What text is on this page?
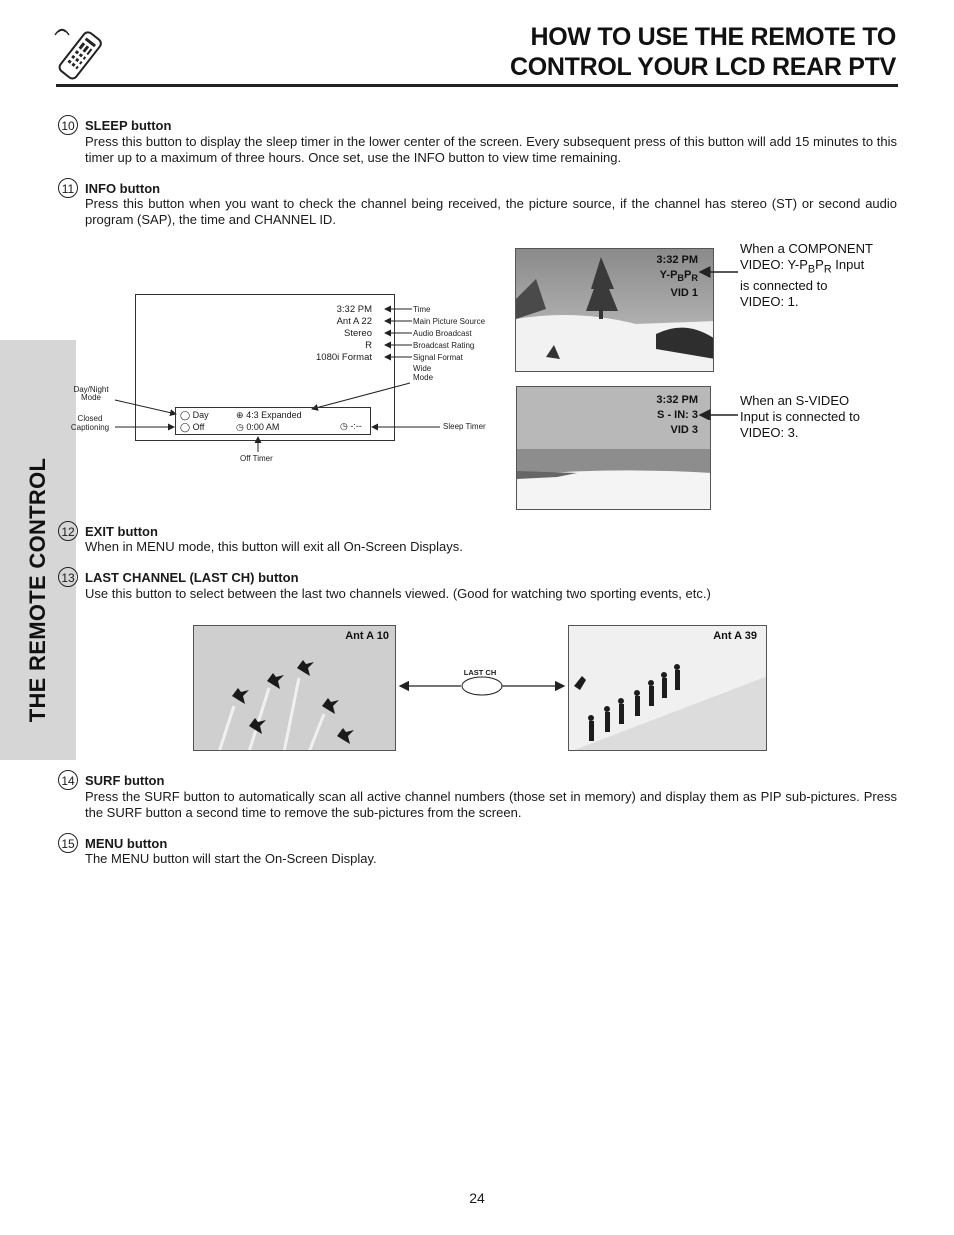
HOW TO USE THE REMOTE TO
CONTROL YOUR LCD REAR PTV
THE REMOTE CONTROL
10 SLEEP button
Press this button to display the sleep timer in the lower center of the screen. Every subsequent press of this button will add 15 minutes to this timer up to a maximum of three hours. Once set, use the INFO button to view time remaining.
11 INFO button
Press this button when you want to check the channel being received, the picture source, if the channel has stereo (ST) or second audio program (SAP), the time and CHANNEL ID.
3:32 PM
Ant A 22
Stereo
R
1080i Format
Time
Main Picture Source
Audio Broadcast
Broadcast Rating
Signal Format
Wide
Mode
Day/Night
Mode
Closed
Captioning
◯ Day
◯ Off
⊕ 4:3 Expanded
◷ 0:00 AM	◷ -:--	Sleep Timer
Off Timer
3:32 PM
$Y-P_BP_R$
VID 1
When a COMPONENT
VIDEO: $Y-P_BP_R$ Input
is connected to
VIDEO: 1.
3:32 PM
S - IN: 3
VID 3
When an S-VIDEO
Input is connected to
VIDEO: 3.
12 EXIT button
When in MENU mode, this button will exit all On-Screen Displays.
13 LAST CHANNEL (LAST CH) button
Use this button to select between the last two channels viewed. (Good for watching two sporting events, etc.)
Ant A 10	Ant A 39
LAST CH
14 SURF button
Press the SURF button to automatically scan all active channel numbers (those set in memory) and display them as PIP sub-pictures. Press the SURF button a second time to remove the sub-pictures from the screen.
15 MENU button
The MENU button will start the On-Screen Display.
24
